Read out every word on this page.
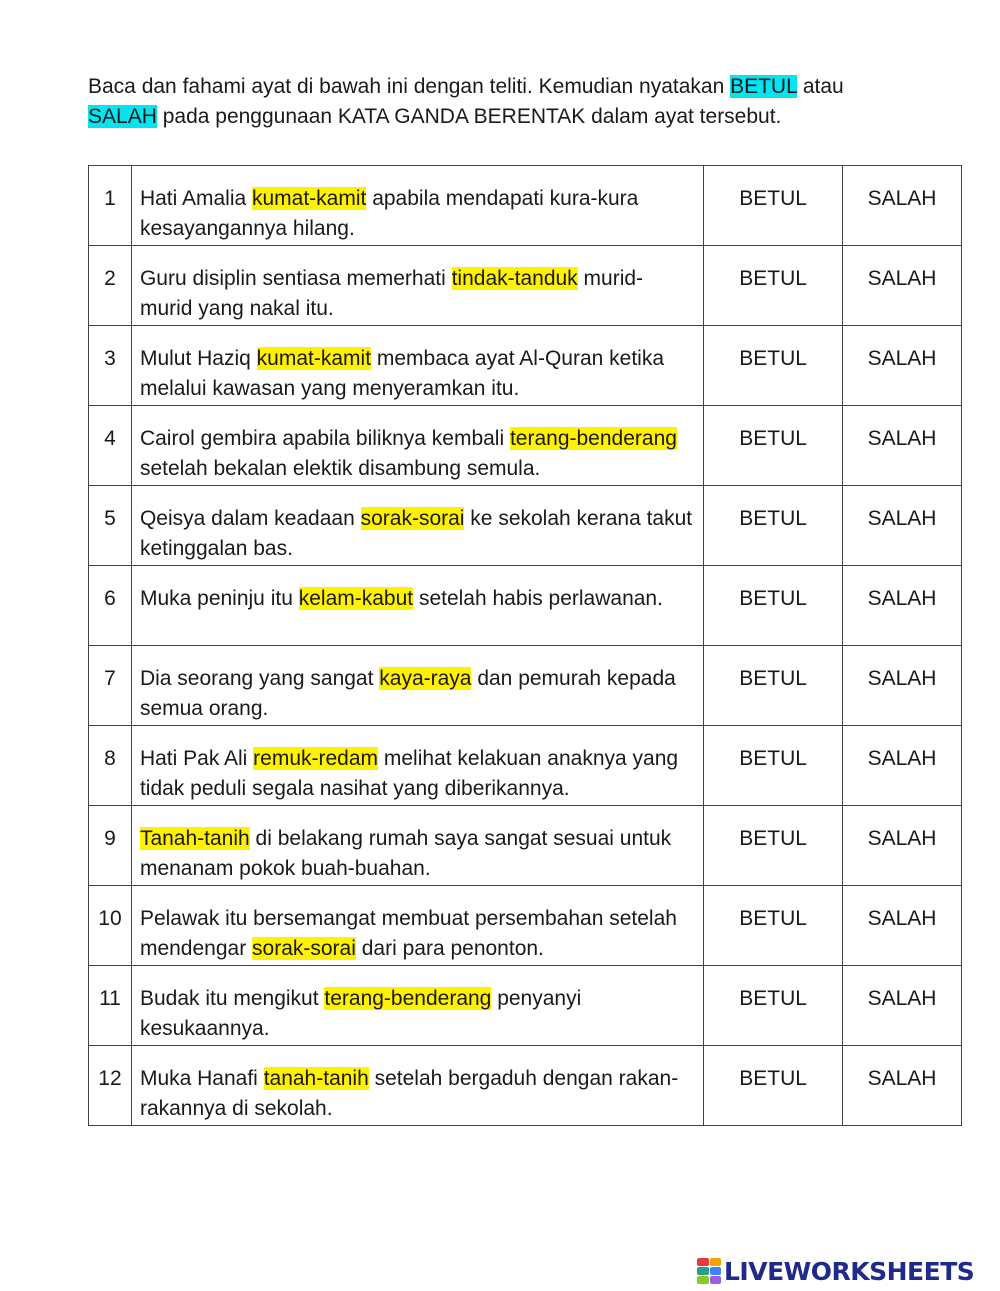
Baca dan fahami ayat di bawah ini dengan teliti. Kemudian nyatakan BETUL atau
SALAH pada penggunaan KATA GANDA BERENTAK dalam ayat tersebut.
1	Hati Amalia kumat-kamit apabila mendapati kura-kura kesayangannya hilang.	BETUL	SALAH

2	Guru disiplin sentiasa memerhati tindak-tanduk murid-murid yang nakal itu.	BETUL	SALAH

3	Mulut Haziq kumat-kamit membaca ayat Al-Quran ketika melalui kawasan yang menyeramkan itu.	BETUL	SALAH

4	Cairol gembira apabila biliknya kembali terang-benderang setelah bekalan elektik disambung semula.	BETUL	SALAH

5	Qeisya dalam keadaan sorak-sorai ke sekolah kerana takut ketinggalan bas.	BETUL	SALAH

6	Muka peninju itu kelam-kabut setelah habis perlawanan.	BETUL	SALAH

7	Dia seorang yang sangat kaya-raya dan pemurah kepada semua orang.	BETUL	SALAH

8	Hati Pak Ali remuk-redam melihat kelakuan anaknya yang tidak peduli segala nasihat yang diberikannya.	BETUL	SALAH

9	Tanah-tanih di belakang rumah saya sangat sesuai untuk menanam pokok buah-buahan.	BETUL	SALAH

10	Pelawak itu bersemangat membuat persembahan setelah mendengar sorak-sorai dari para penonton.	BETUL	SALAH

11	Budak itu mengikut terang-benderang penyanyi kesukaannya.	BETUL	SALAH

12	Muka Hanafi tanah-tanih setelah bergaduh dengan rakan-rakannya di sekolah.	BETUL	SALAH
LIVEWORKSHEETS
